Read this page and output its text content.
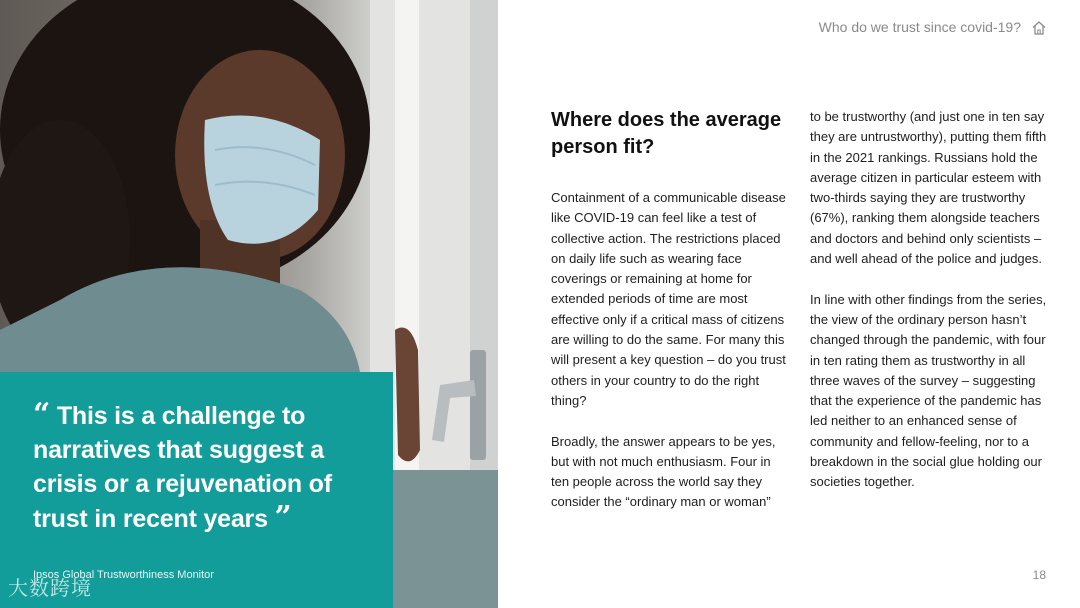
“ This is a challenge to narratives that suggest a crisis or a rejuvenation of trust in recent years ”
Ipsos Global Trustworthiness Monitor
大数跨境
Who do we trust since covid-19?
Where does the average person fit?

Containment of a communicable disease like COVID-19 can feel like a test of collective action. The restrictions placed on daily life such as wearing face coverings or remaining at home for extended periods of time are most effective only if a critical mass of citizens are willing to do the same. For many this will present a key question – do you trust others in your country to do the right thing?

Broadly, the answer appears to be yes, but with not much enthusiasm. Four in ten people across the world say they consider the “ordinary man or woman”

to be trustworthy (and just one in ten say they are untrustworthy), putting them fifth in the 2021 rankings. Russians hold the average citizen in particular esteem with two-thirds saying they are trustworthy (67%), ranking them alongside teachers and doctors and behind only scientists – and well ahead of the police and judges.

In line with other findings from the series, the view of the ordinary person hasn’t changed through the pandemic, with four in ten rating them as trustworthy in all three waves of the survey – suggesting that the experience of the pandemic has led neither to an enhanced sense of community and fellow-feeling, nor to a breakdown in the social glue holding our societies together.

18
